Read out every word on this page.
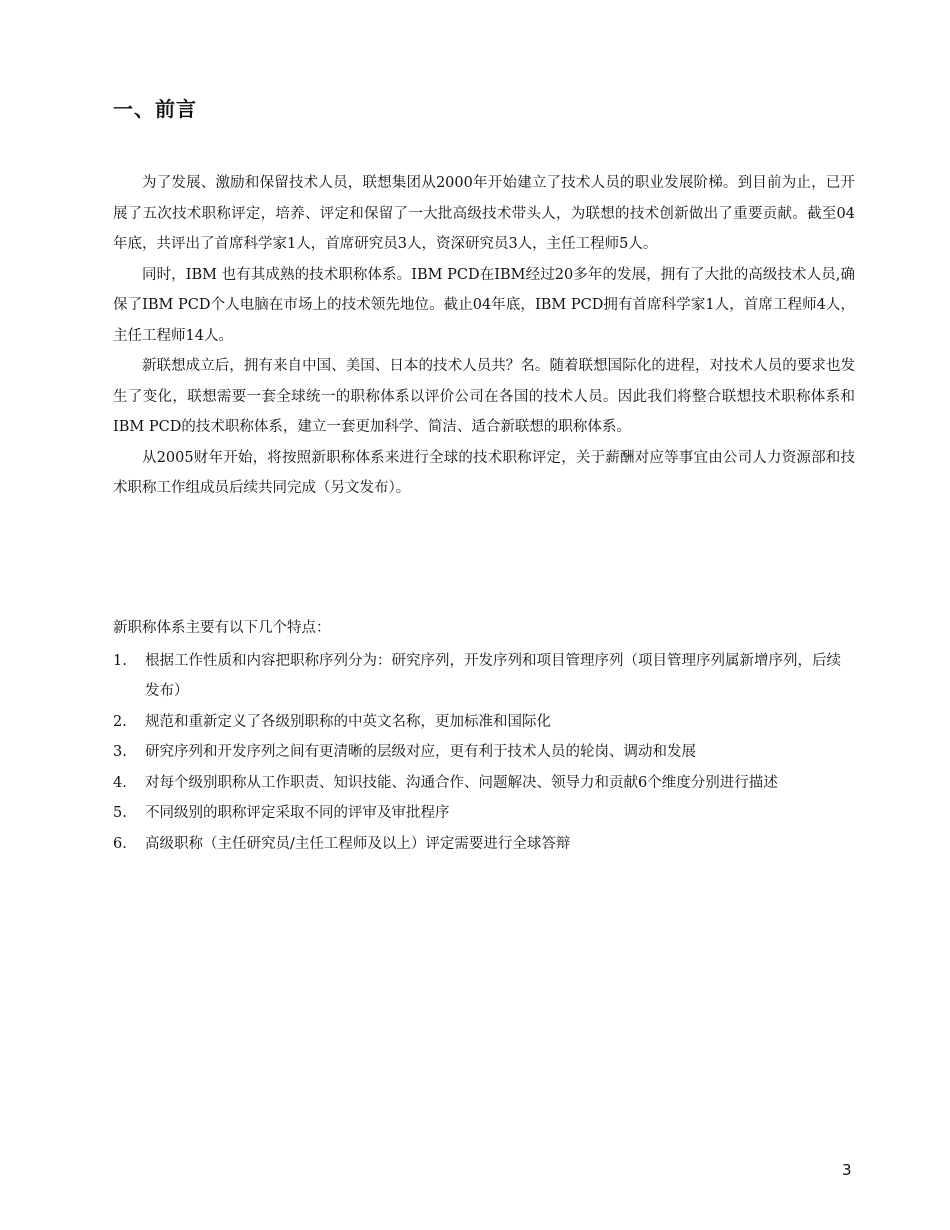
一、前言

为了发展、激励和保留技术人员，联想集团从2000年开始建立了技术人员的职业发展阶梯。到目前为止，已开展了五次技术职称评定，培养、评定和保留了一大批高级技术带头人，为联想的技术创新做出了重要贡献。截至04年底，共评出了首席科学家1人，首席研究员3人，资深研究员3人，主任工程师5人。

同时，IBM 也有其成熟的技术职称体系。IBM PCD在IBM经过20多年的发展，拥有了大批的高级技术人员,确保了IBM PCD个人电脑在市场上的技术领先地位。截止04年底，IBM PCD拥有首席科学家1人，首席工程师4人，主任工程师14人。

新联想成立后，拥有来自中国、美国、日本的技术人员共？名。随着联想国际化的进程，对技术人员的要求也发生了变化，联想需要一套全球统一的职称体系以评价公司在各国的技术人员。因此我们将整合联想技术职称体系和IBM PCD的技术职称体系，建立一套更加科学、简洁、适合新联想的职称体系。

从2005财年开始，将按照新职称体系来进行全球的技术职称评定，关于薪酬对应等事宜由公司人力资源部和技术职称工作组成员后续共同完成（另文发布）。

新职称体系主要有以下几个特点：

1.	根据工作性质和内容把职称序列分为：研究序列，开发序列和项目管理序列（项目管理序列属新增序列，后续发布）
2.	规范和重新定义了各级别职称的中英文名称，更加标准和国际化
3.	研究序列和开发序列之间有更清晰的层级对应，更有利于技术人员的轮岗、调动和发展
4.	对每个级别职称从工作职责、知识技能、沟通合作、问题解决、领导力和贡献6个维度分别进行描述
5.	不同级别的职称评定采取不同的评审及审批程序
6.	高级职称（主任研究员/主任工程师及以上）评定需要进行全球答辩
3
